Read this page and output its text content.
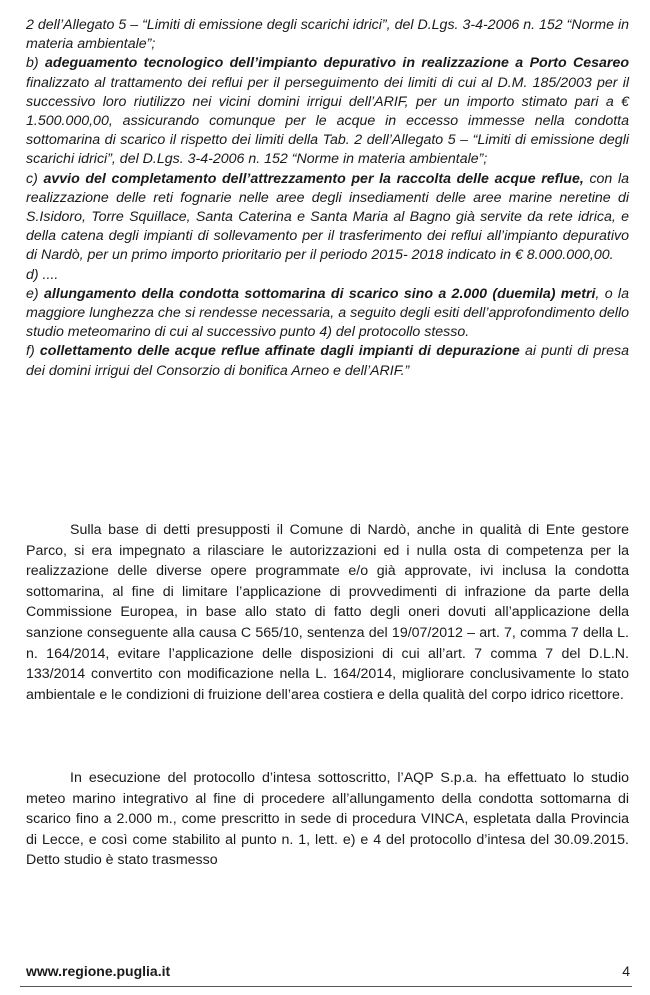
2 dell’Allegato 5 – “Limiti di emissione degli scarichi idrici”, del D.Lgs. 3-4-2006 n. 152 “Norme in materia ambientale”;

b) adeguamento tecnologico dell’impianto depurativo in realizzazione a Porto Cesareo finalizzato al trattamento dei reflui per il perseguimento dei limiti di cui al D.M. 185/2003 per il successivo loro riutilizzo nei vicini domini irrigui dell’ARIF, per un importo stimato pari a € 1.500.000,00, assicurando comunque per le acque in eccesso immesse nella condotta sottomarina di scarico il rispetto dei limiti della Tab. 2 dell’Allegato 5 – “Limiti di emissione degli scarichi idrici”, del D.Lgs. 3-4-2006 n. 152 “Norme in materia ambientale”;

c) avvio del completamento dell’attrezzamento per la raccolta delle acque reflue, con la realizzazione delle reti fognarie nelle aree degli insediamenti delle aree marine neretine di S.Isidoro, Torre Squillace, Santa Caterina e Santa Maria al Bagno già servite da rete idrica, e della catena degli impianti di sollevamento per il trasferimento dei reflui all’impianto depurativo di Nardò, per un primo importo prioritario per il periodo 2015- 2018 indicato in € 8.000.000,00.

d) ....

e) allungamento della condotta sottomarina di scarico sino a 2.000 (duemila) metri, o la maggiore lunghezza che si rendesse necessaria, a seguito degli esiti dell’approfondimento dello studio meteomarino di cui al successivo punto 4) del protocollo stesso.

f) collettamento delle acque reflue affinate dagli impianti di depurazione ai punti di presa dei domini irrigui del Consorzio di bonifica Arneo e dell’ARIF.”

Sulla base di detti presupposti il Comune di Nardò, anche in qualità di Ente gestore Parco, si era impegnato a rilasciare le autorizzazioni ed i nulla osta di competenza per la realizzazione delle diverse opere programmate e/o già approvate, ivi inclusa la condotta sottomarina, al fine di limitare l’applicazione di provvedimenti di infrazione da parte della Commissione Europea, in base allo stato di fatto degli oneri dovuti all’applicazione della sanzione conseguente alla causa C 565/10, sentenza del 19/07/2012 – art. 7, comma 7 della L. n. 164/2014, evitare l’applicazione delle disposizioni di cui all’art. 7 comma 7 del D.L.N. 133/2014 convertito con modificazione nella L. 164/2014, migliorare conclusivamente lo stato ambientale e le condizioni di fruizione dell’area costiera e della qualità del corpo idrico ricettore.

In esecuzione del protocollo d’intesa sottoscritto, l’AQP S.p.a. ha effettuato lo studio meteo marino integrativo al fine di procedere all’allungamento della condotta sottomarna di scarico fino a 2.000 m., come prescritto in sede di procedura VINCA, espletata dalla Provincia di Lecce, e così come stabilito al punto n. 1, lett. e) e 4 del protocollo d’intesa del 30.09.2015. Detto studio è stato trasmesso

www.regione.puglia.it	4
